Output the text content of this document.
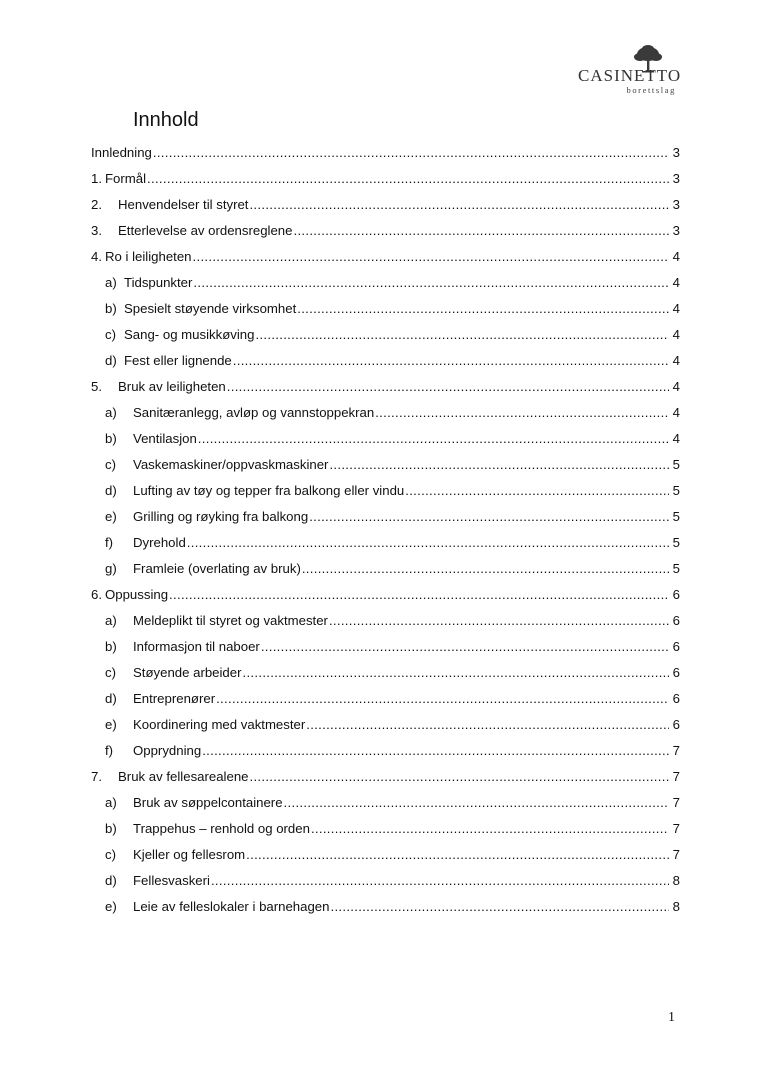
CASINETTO
borettslag
Innhold
Innledning .....	3
1. Formål .....	3
2.	Henvendelser til styret .....	3
3.	Etterlevelse av ordensreglene .....	3
4. Ro i leiligheten .....	4
a) Tidspunkter .....	4
b) Spesielt støyende virksomhet .....	4
c) Sang- og musikkøving .....	4
d) Fest eller lignende .....	4
5.	Bruk av leiligheten .....	4
a)	Sanitæranlegg, avløp og vannstoppekran .....	4
b)	Ventilasjon .....	4
c)	Vaskemaskiner/oppvaskmaskiner .....	5
d)	Lufting av tøy og tepper fra balkong eller vindu .....	5
e)	Grilling og røyking fra balkong .....	5
f)	Dyrehold .....	5
g)	Framleie (overlating av bruk) .....	5
6. Oppussing .....	6
a)	Meldeplikt til styret og vaktmester .....	6
b)	Informasjon til naboer .....	6
c)	Støyende arbeider .....	6
d)	Entreprenører .....	6
e)	Koordinering med vaktmester .....	6
f)	Opprydning .....	7
7.	Bruk av fellesarealene .....	7
a)	Bruk av søppelcontainere .....	7
b)	Trappehus – renhold og orden .....	7
c)	Kjeller og fellesrom .....	7
d)	Fellesvaskeri .....	8
e)	Leie av felleslokaler i barnehagen .....	8
1
